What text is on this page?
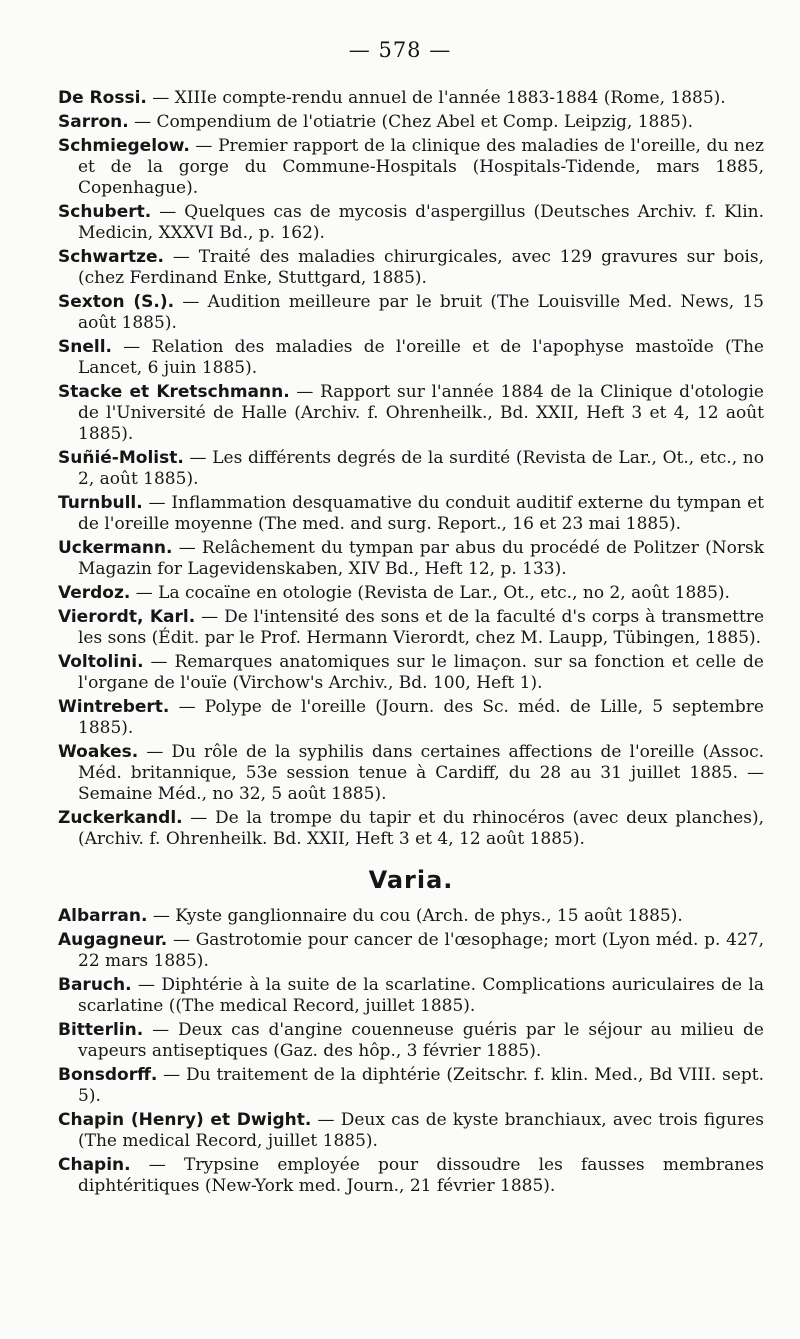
— 578 —
De Rossi. — XIIIe compte-rendu annuel de l'année 1883-1884 (Rome, 1885).
Sarron. — Compendium de l'otiatrie (Chez Abel et Comp. Leipzig, 1885).
Schmiegelow. — Premier rapport de la clinique des maladies de l'oreille, du nez et de la gorge du Commune-Hospitals (Hospitals-Tidende, mars 1885, Copenhague).
Schubert. — Quelques cas de mycosis d'aspergillus (Deutsches Archiv. f. Klin. Medicin, XXXVI Bd., p. 162).
Schwartze. — Traité des maladies chirurgicales, avec 129 gravures sur bois, (chez Ferdinand Enke, Stuttgard, 1885).
Sexton (S.). — Audition meilleure par le bruit (The Louisville Med. News, 15 août 1885).
Snell. — Relation des maladies de l'oreille et de l'apophyse mastoïde (The Lancet, 6 juin 1885).
Stacke et Kretschmann. — Rapport sur l'année 1884 de la Clinique d'otologie de l'Université de Halle (Archiv. f. Ohrenheilk., Bd. XXII, Heft 3 et 4, 12 août 1885).
Suñié-Molist. — Les différents degrés de la surdité (Revista de Lar., Ot., etc., no 2, août 1885).
Turnbull. — Inflammation desquamative du conduit auditif externe du tympan et de l'oreille moyenne (The med. and surg. Report., 16 et 23 mai 1885).
Uckermann. — Relâchement du tympan par abus du procédé de Politzer (Norsk Magazin for Lagevidenskaben, XIV Bd., Heft 12, p. 133).
Verdoz. — La cocaïne en otologie (Revista de Lar., Ot., etc., no 2, août 1885).
Vierordt, Karl. — De l'intensité des sons et de la faculté d's corps à transmettre les sons (Édit. par le Prof. Hermann Vierordt, chez M. Laupp, Tübingen, 1885).
Voltolini. — Remarques anatomiques sur le limaçon. sur sa fonction et celle de l'organe de l'ouïe (Virchow's Archiv., Bd. 100, Heft 1).
Wintrebert. — Polype de l'oreille (Journ. des Sc. méd. de Lille, 5 septembre 1885).
Woakes. — Du rôle de la syphilis dans certaines affections de l'oreille (Assoc. Méd. britannique, 53e session tenue à Cardiff, du 28 au 31 juillet 1885. — Semaine Méd., no 32, 5 août 1885).
Zuckerkandl. — De la trompe du tapir et du rhinocéros (avec deux planches), (Archiv. f. Ohrenheilk. Bd. XXII, Heft 3 et 4, 12 août 1885).
Varia.
Albarran. — Kyste ganglionnaire du cou (Arch. de phys., 15 août 1885).
Augagneur. — Gastrotomie pour cancer de l'œsophage; mort (Lyon méd. p. 427, 22 mars 1885).
Baruch. — Diphtérie à la suite de la scarlatine. Complications auriculaires de la scarlatine ((The medical Record, juillet 1885).
Bitterlin. — Deux cas d'angine couenneuse guéris par le séjour au milieu de vapeurs antiseptiques (Gaz. des hôp., 3 février 1885).
Bonsdorff. — Du traitement de la diphtérie (Zeitschr. f. klin. Med., Bd VIII. sept. 5).
Chapin (Henry) et Dwight. — Deux cas de kyste branchiaux, avec trois figures (The medical Record, juillet 1885).
Chapin. — Trypsine employée pour dissoudre les fausses membranes diphtéritiques (New-York med. Journ., 21 février 1885).
